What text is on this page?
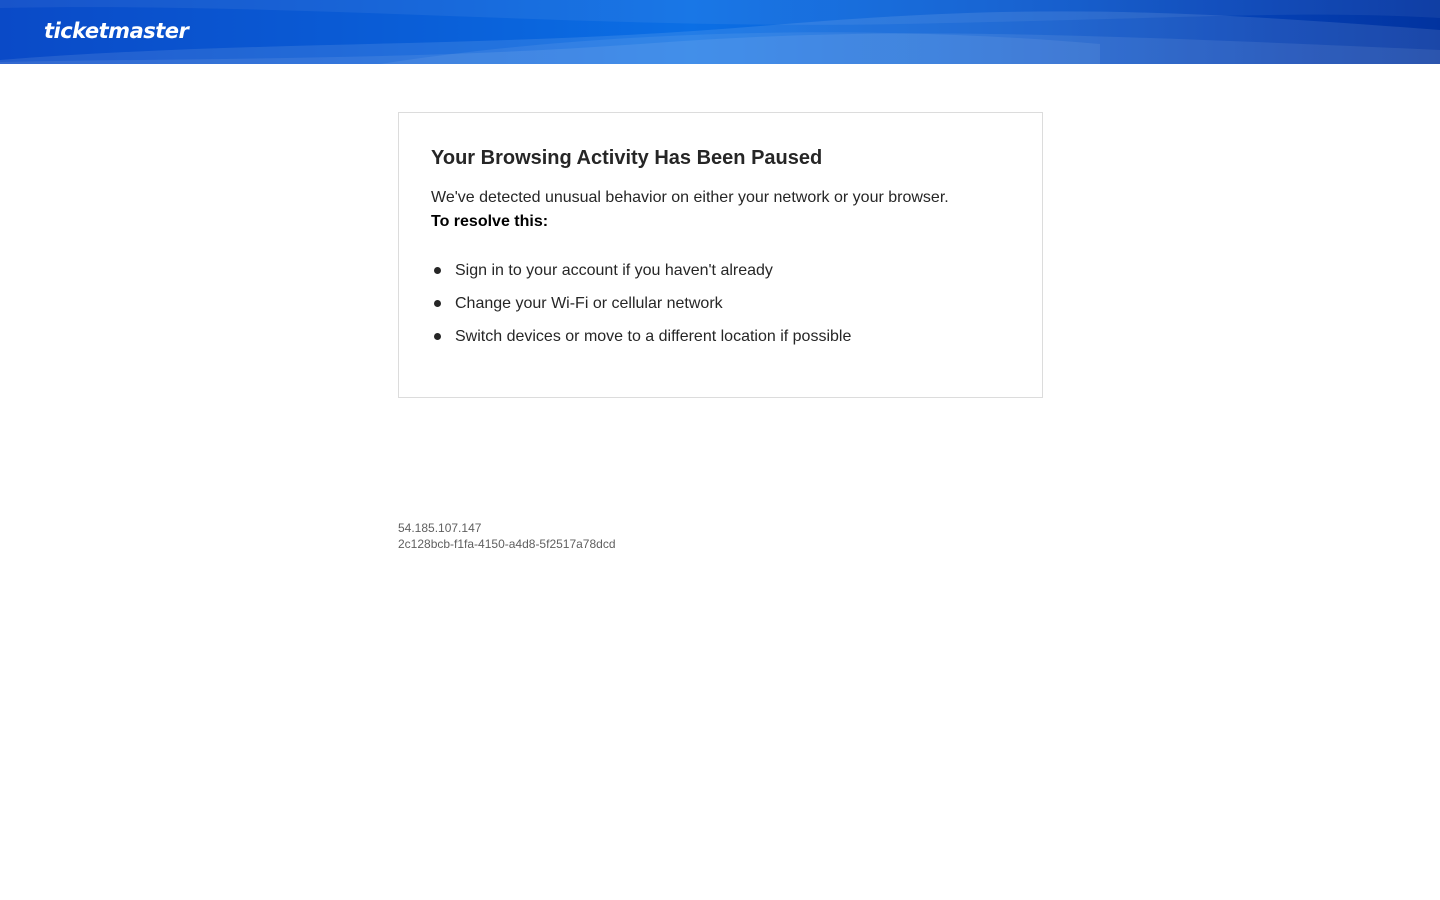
ticketmaster
Your Browsing Activity Has Been Paused

We've detected unusual behavior on either your network or your browser.

To resolve this:

Sign in to your account if you haven't already
Change your Wi-Fi or cellular network
Switch devices or move to a different location if possible
54.185.107.147
2c128bcb-f1fa-4150-a4d8-5f2517a78dcd
